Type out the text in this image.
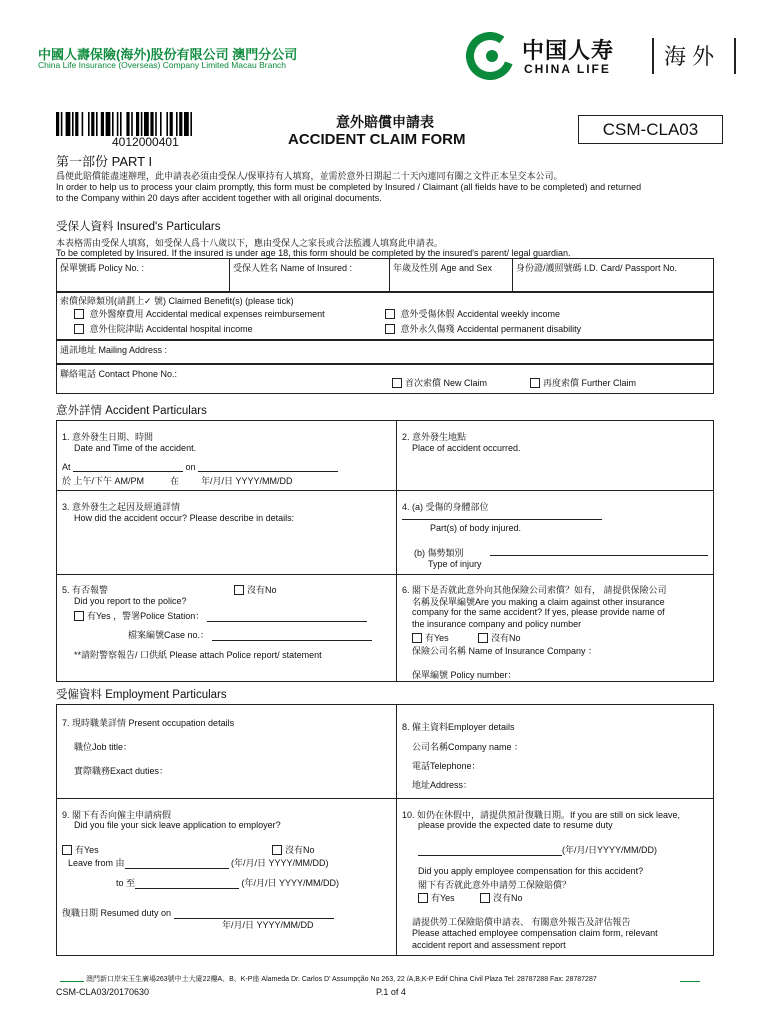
中國人壽保險(海外)股份有限公司 澳門分公司
China Life Insurance (Overseas) Company Limited Macau Branch
中国人寿
CHINA LIFE 海 外
4012000401
意外賠償申請表
ACCIDENT CLAIM FORM
CSM-CLA03
第一部份 PART I
爲便此賠償能盡速辦理，此申請表必須由受保人/保單持有人填寫，並需於意外日期起二十天內連同有關之文件正本呈交本公司。
In order to help us to process your claim promptly, this form must be completed by Insured / Claimant (all fields have to be completed) and returned
to the Company within 20 days after accident together with all original documents.
受保人資料 Insured's Particulars
本表格需由受保人填寫，如受保人爲十八歲以下，應由受保人之家長或合法監護人填寫此申請表。
To be completed by Insured. If the insured is under age 18, this form should be completed by the insured's parent/ legal guardian.
保單號碼 Policy No. :	受保人姓名 Name of Insured :	年歲及性別 Age and Sex	身份證/護照號碼 I.D. Card/ Passport No.
索償保障類別(請劃上✓ 號) Claimed Benefit(s) (please tick)
意外醫療費用 Accidental medical expenses reimbursement	意外受傷休假 Accidental weekly income
意外住院津貼 Accidental hospital income	意外永久傷殘 Accidental permanent disability
通訊地址 Mailing Address :
聯絡電話 Contact Phone No.:
首次索償 New Claim	再度索償 Further Claim
意外詳情 Accident Particulars
1. 意外發生日期、時間
Date and Time of the accident.
At	on
於 上午/下午 AM/PM	在 年/月/日 YYYY/MM/DD
2. 意外發生地點
Place of accident occurred.
3. 意外發生之起因及經過詳情
How did the accident occur? Please describe in details:
4. (a) 受傷的身體部位
Part(s) of body injured.
(b) 傷勢類別
Type of injury
5. 有否報警	沒有No
Did you report to the police?
有Yes ，警署Police Station：
檔案編號Case no.：
**請附警察報告/ 口供紙 Please attach Police report/ statement
6. 閣下是否就此意外向其他保險公司索償？如有， 請提供保險公司
名稱及保單編號Are you making a claim against other insurance
company for the same accident? If yes, please provide name of
the insurance company and policy number
有Yes	沒有No
保險公司名稱 Name of Insurance Company ：
保單編號 Policy number：
受僱資料 Employment Particulars
7. 現時職業詳情 Present occupation details
職位Job title：
實際職務Exact duties：
8. 僱主資料Employer details
公司名稱Company name ：
電話Telephone：
地址Address：
9. 閣下有否向僱主申請病假
Did you file your sick leave application to employer?
有Yes	沒有No
Leave from 由	(年/月/日 YYYY/MM/DD)
to 至	(年/月/日 YYYY/MM/DD)
復職日期 Resumed duty on
年/月/日 YYYY/MM/DD
10. 如仍在休假中，請提供預計復職日期。If you are still on sick leave,
please provide the expected date to resume duty
(年/月/日YYYY/MM/DD)
Did you apply employee compensation for this accident?
閣下有否就此意外申請勞工保險賠償？
有Yes	沒有No
請提供勞工保險賠償申請表、 有關意外報告及評估報告
Please attached employee compensation claim form, relevant
accident report and assessment report
澳門新口岸宋玉生廣場263號中土大廈22樓A、B、K-P座 Alameda Dr. Carlos D' Assumpção No 263, 22 /A,B,K-P Edif China Civil Plaza Tel: 28787288 Fax: 28787287
CSM-CLA03/20170630	P.1 of 4
